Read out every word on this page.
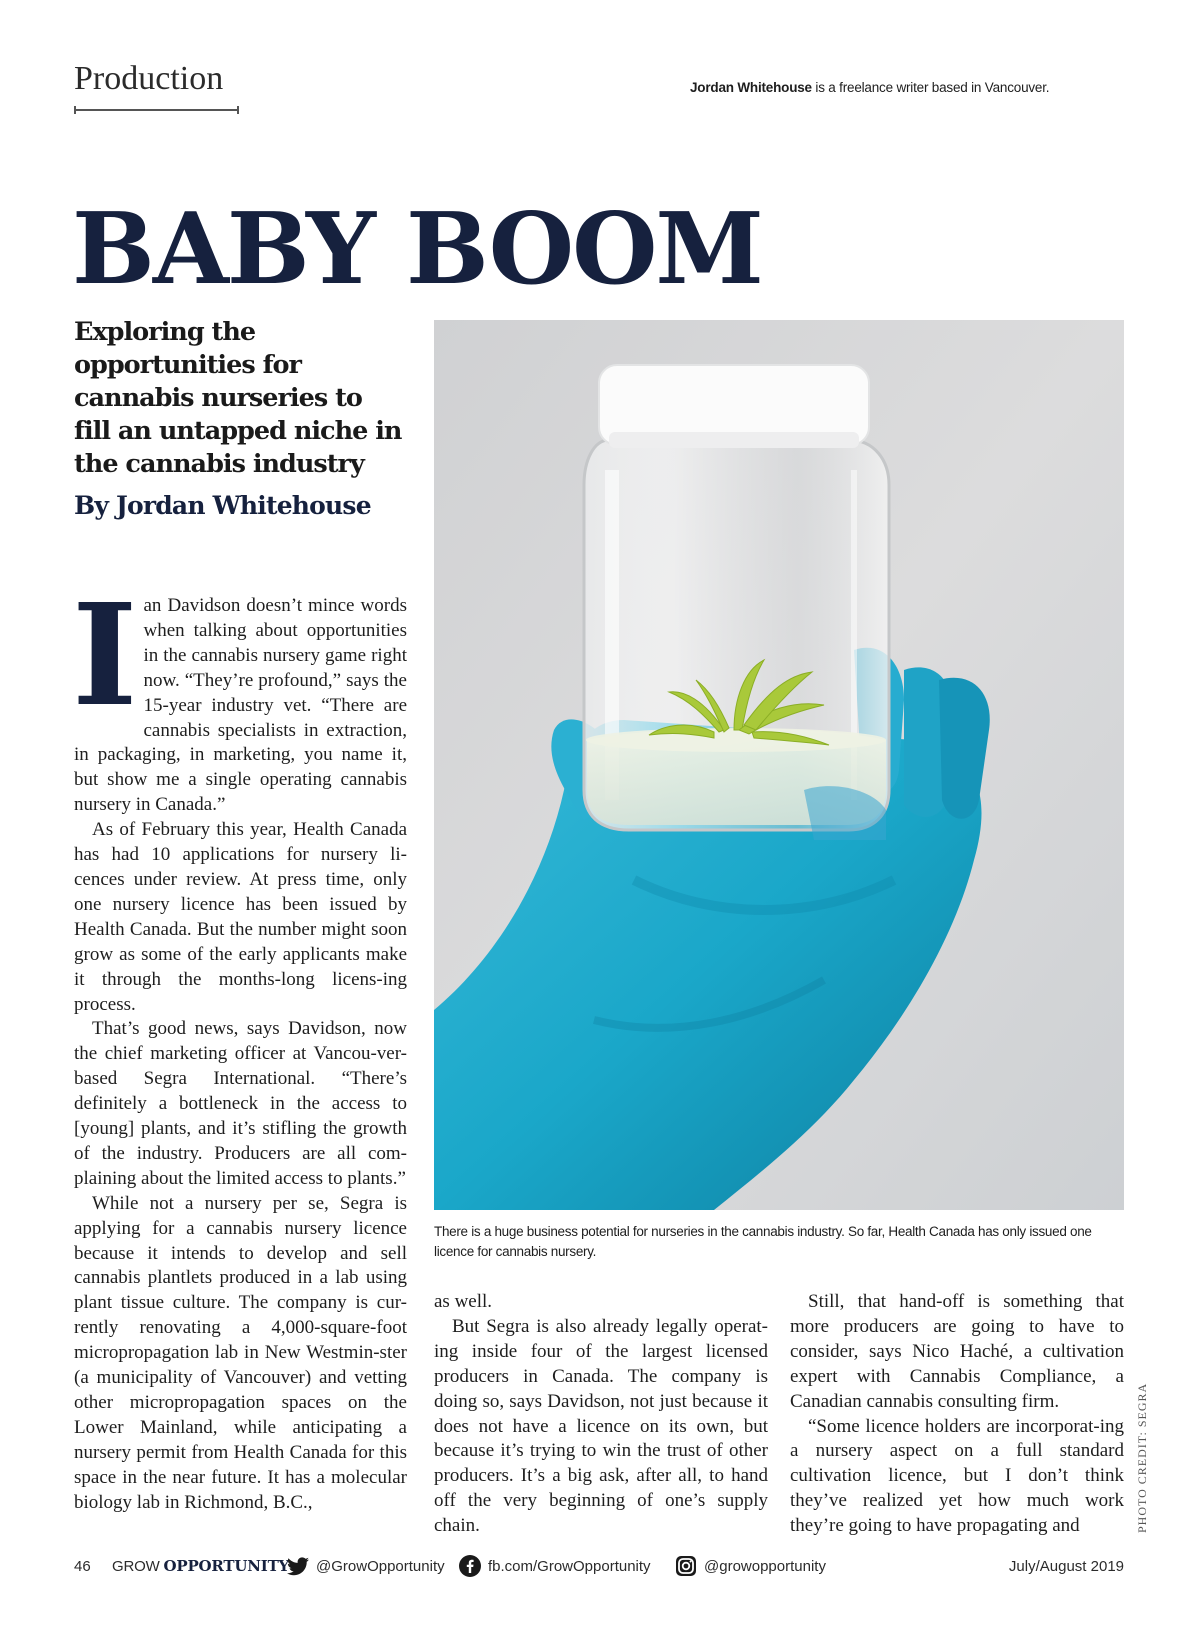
Production	Jordan Whitehouse is a freelance writer based in Vancouver.
BABY BOOM
Exploring the opportunities for cannabis nurseries to fill an untapped niche in the cannabis industry
By Jordan Whitehouse
PHOTO CREDIT: SEGRA
There is a huge business potential for nurseries in the cannabis industry. So far, Health Canada has only issued one licence for cannabis nursery.
I an Davidson doesn’t mince words when talking about opportunities in the cannabis nursery game right now. “They’re profound,” says the 15-year industry vet. “There are cannabis specialists in extraction, in packaging, in marketing, you name it, but show me a single operating cannabis nursery in Canada.”

As of February this year, Health Canada has had 10 applications for nursery li-cences under review. At press time, only one nursery licence has been issued by Health Canada. But the number might soon grow as some of the early applicants make it through the months-long licens-ing process.

That’s good news, says Davidson, now the chief marketing officer at Vancou-ver-based Segra International. “There’s definitely a bottleneck in the access to [young] plants, and it’s stifling the growth of the industry. Producers are all com-plaining about the limited access to plants.”

While not a nursery per se, Segra is applying for a cannabis nursery licence because it intends to develop and sell cannabis plantlets produced in a lab using plant tissue culture. The company is cur-rently renovating a 4,000-square-foot micropropagation lab in New Westmin-ster (a municipality of Vancouver) and vetting other micropropagation spaces on the Lower Mainland, while anticipating a nursery permit from Health Canada for this space in the near future. It has a molecular biology lab in Richmond, B.C.,

as well.

But Segra is also already legally operat-ing inside four of the largest licensed producers in Canada. The company is doing so, says Davidson, not just because it does not have a licence on its own, but because it’s trying to win the trust of other producers. It’s a big ask, after all, to hand off the very beginning of one’s supply chain.

Still, that hand-off is something that more producers are going to have to consider, says Nico Haché, a cultivation expert with Cannabis Compliance, a Canadian cannabis consulting firm.

“Some licence holders are incorporat-ing a nursery aspect on a full standard cultivation licence, but I don’t think they’ve realized yet how much work they’re going to have propagating and

46 GROW OPPORTUNITY @GrowOpportunity	fb.com/GrowOpportunity	@growopportunity	July/August 2019
